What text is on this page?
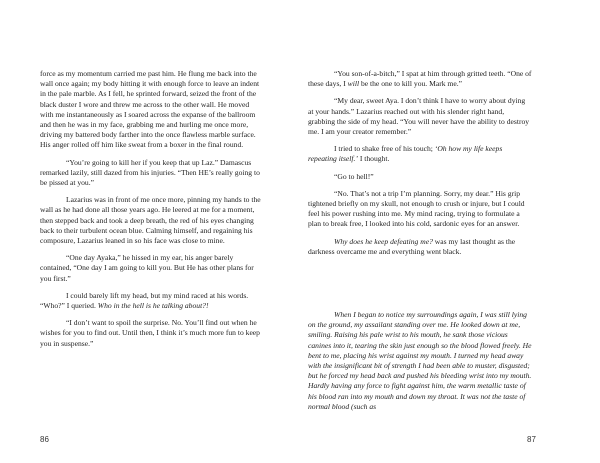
force as my momentum carried me past him. He flung me back into the wall once again; my body hitting it with enough force to leave an indent in the pale marble. As I fell, he sprinted forward, seized the front of the black duster I wore and threw me across to the other wall. He moved with me instantaneously as I soared across the expanse of the ballroom and then he was in my face, grabbing me and hurling me once more, driving my battered body farther into the once flawless marble surface. His anger rolled off him like sweat from a boxer in the final round.

“You’re going to kill her if you keep that up Laz.” Damascus remarked lazily, still dazed from his injuries. “Then HE’s really going to be pissed at you.”

Lazarius was in front of me once more, pinning my hands to the wall as he had done all those years ago. He leered at me for a moment, then stepped back and took a deep breath, the red of his eyes changing back to their turbulent ocean blue. Calming himself, and regaining his composure, Lazarius leaned in so his face was close to mine.

“One day Ayaka,” he hissed in my ear, his anger barely contained, “One day I am going to kill you. But He has other plans for you first.”

I could barely lift my head, but my mind raced at his words. “Who?” I queried. Who in the hell is he talking about?!

“I don’t want to spoil the surprise. No. You’ll find out when he wishes for you to find out. Until then, I think it’s much more fun to keep you in suspense.”

86

“You son-of-a-bitch,” I spat at him through gritted teeth. “One of these days, I will be the one to kill you. Mark me.”

“My dear, sweet Aya. I don’t think I have to worry about dying at your hands.” Lazarius reached out with his slender right hand, grabbing the side of my head. “You will never have the ability to destroy me. I am your creator remember.”

I tried to shake free of his touch; ‘Oh how my life keeps repeating itself.’ I thought.

“Go to hell!”

“No. That’s not a trip I’m planning. Sorry, my dear.” His grip tightened briefly on my skull, not enough to crush or injure, but I could feel his power rushing into me. My mind racing, trying to formulate a plan to break free, I looked into his cold, sardonic eyes for an answer.

Why does he keep defeating me? was my last thought as the darkness overcame me and everything went black.

When I began to notice my surroundings again, I was still lying on the ground, my assailant standing over me. He looked down at me, smiling. Raising his pale wrist to his mouth, he sank those vicious canines into it, tearing the skin just enough so the blood flowed freely. He bent to me, placing his wrist against my mouth. I turned my head away with the insignificant bit of strength I had been able to muster, disgusted; but he forced my head back and pushed his bleeding wrist into my mouth. Hardly having any force to fight against him, the warm metallic taste of his blood ran into my mouth and down my throat. It was not the taste of normal blood (such as

87
